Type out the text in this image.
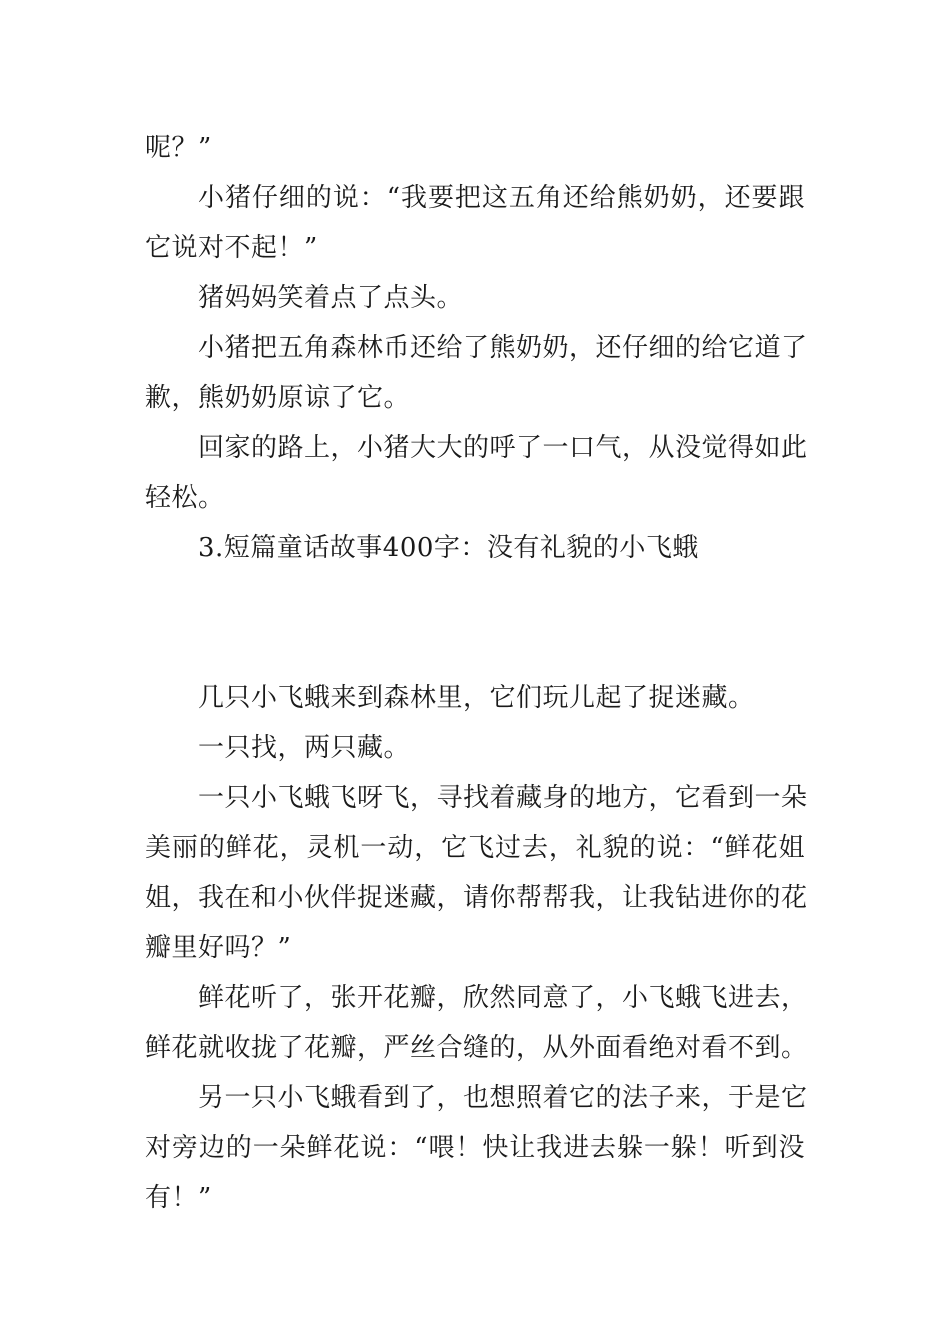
呢？”
小猪仔细的说：“我要把这五角还给熊奶奶，还要跟
它说对不起！”
猪妈妈笑着点了点头。
小猪把五角森林币还给了熊奶奶，还仔细的给它道了
歉，熊奶奶原谅了它。
回家的路上，小猪大大的呼了一口气，从没觉得如此
轻松。
3.短篇童话故事400字：没有礼貌的小飞蛾
几只小飞蛾来到森林里，它们玩儿起了捉迷藏。
一只找，两只藏。
一只小飞蛾飞呀飞，寻找着藏身的地方，它看到一朵
美丽的鲜花，灵机一动，它飞过去，礼貌的说：“鲜花姐
姐，我在和小伙伴捉迷藏，请你帮帮我，让我钻进你的花
瓣里好吗？”
鲜花听了，张开花瓣，欣然同意了，小飞蛾飞进去，
鲜花就收拢了花瓣，严丝合缝的，从外面看绝对看不到。
另一只小飞蛾看到了，也想照着它的法子来，于是它
对旁边的一朵鲜花说：“喂！快让我进去躲一躲！听到没
有！”
